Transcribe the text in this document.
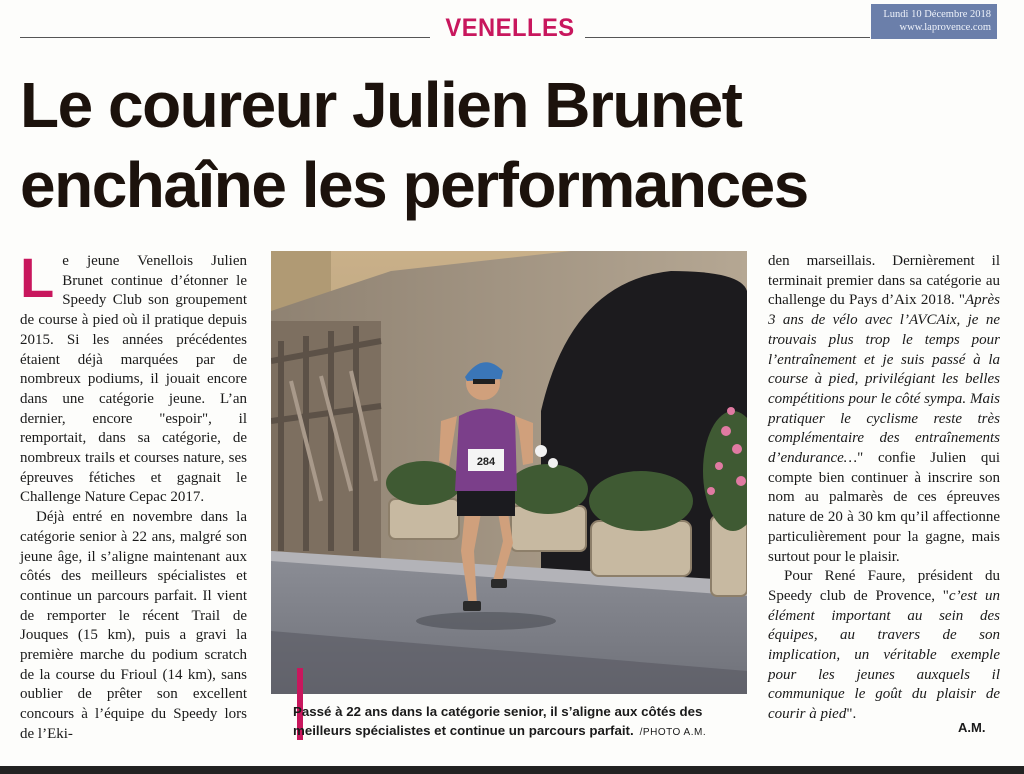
VENELLES	Lundi 10 Décembre 2018
www.laprovence.com
Le coureur Julien Brunet
enchaîne les performances

Le jeune Venellois Julien Brunet continue d’étonner le Speedy Club son groupement de course à pied où il pratique depuis 2015. Si les années précédentes étaient déjà marquées par de nombreux podiums, il jouait encore dans une catégorie jeune. L’an dernier, encore "espoir", il remportait, dans sa catégorie, de nombreux trails et courses nature, ses épreuves fétiches et gagnait le Challenge Nature Cepac 2017.

Déjà entré en novembre dans la catégorie senior à 22 ans, malgré son jeune âge, il s’aligne maintenant aux côtés des meilleurs spécialistes et continue un parcours parfait. Il vient de remporter le récent Trail de Jouques (15 km), puis a gravi la première marche du podium scratch de la course du Frioul (14 km), sans oublier de prêter son excellent concours à l’équipe du Speedy lors de l’Eki-

284
Passé à 22 ans dans la catégorie senior, il s’aligne aux côtés des meilleurs spécialistes et continue un parcours parfait. /PHOTO A.M.

den marseillais. Dernièrement il terminait premier dans sa catégorie au challenge du Pays d’Aix 2018. "Après 3 ans de vélo avec l’AVCAix, je ne trouvais plus trop le temps pour l’entraînement et je suis passé à la course à pied, privilégiant les belles compétitions pour le côté sympa. Mais pratiquer le cyclisme reste très complémentaire des entraînements d’endurance…" confie Julien qui compte bien continuer à inscrire son nom au palmarès de ces épreuves nature de 20 à 30 km qu’il affectionne particulièrement pour la gagne, mais surtout pour le plaisir.

Pour René Faure, président du Speedy club de Provence, "c’est un élément important au sein des équipes, au travers de son implication, un véritable exemple pour les jeunes auxquels il communique le goût du plaisir de courir à pied".

A.M.
